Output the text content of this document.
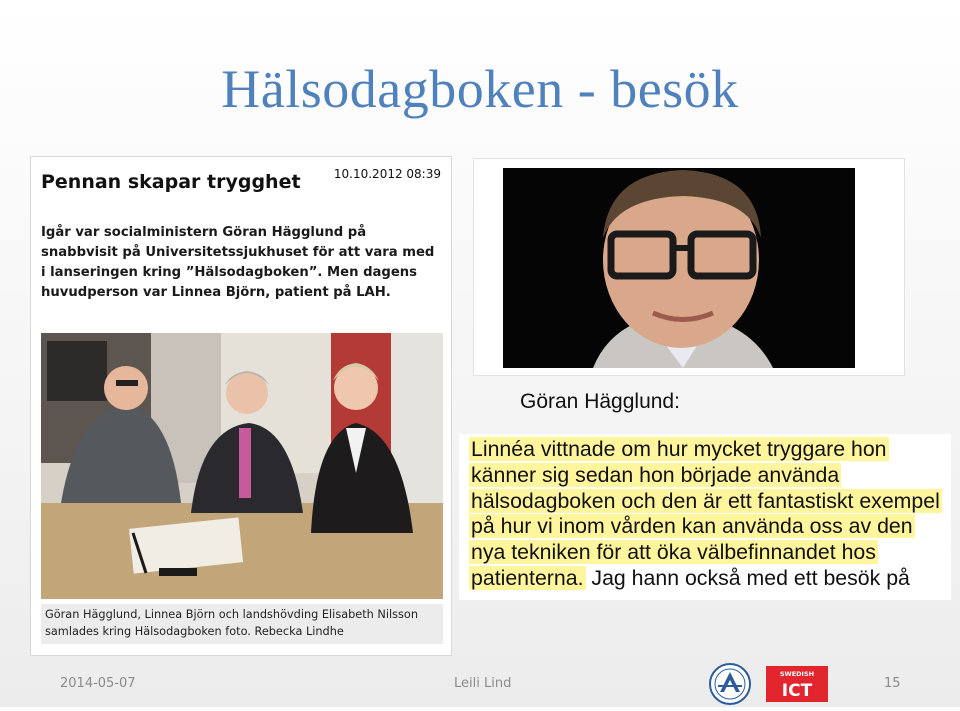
Hälsodagboken - besök
Pennan skapar trygghet	10.10.2012 08:39
Igår var socialministern Göran Hägglund på snabbvisit på Universitetssjukhuset för att vara med i lanseringen kring ”Hälsodagboken”. Men dagens huvudperson var Linnea Björn, patient på LAH.
Göran Hägglund, Linnea Björn och landshövding Elisabeth Nilsson samlades kring Hälsodagboken foto. Rebecka Lindhe
Göran Hägglund:
Linnéa vittnade om hur mycket tryggare hon känner sig sedan hon började använda hälsodagboken och den är ett fantastiskt exempel på hur vi inom vården kan använda oss av den nya tekniken för att öka välbefinnandet hos patienterna. Jag hann också med ett besök på
2014-05-07	Leili Lind	15
SWEDISH
ICT
